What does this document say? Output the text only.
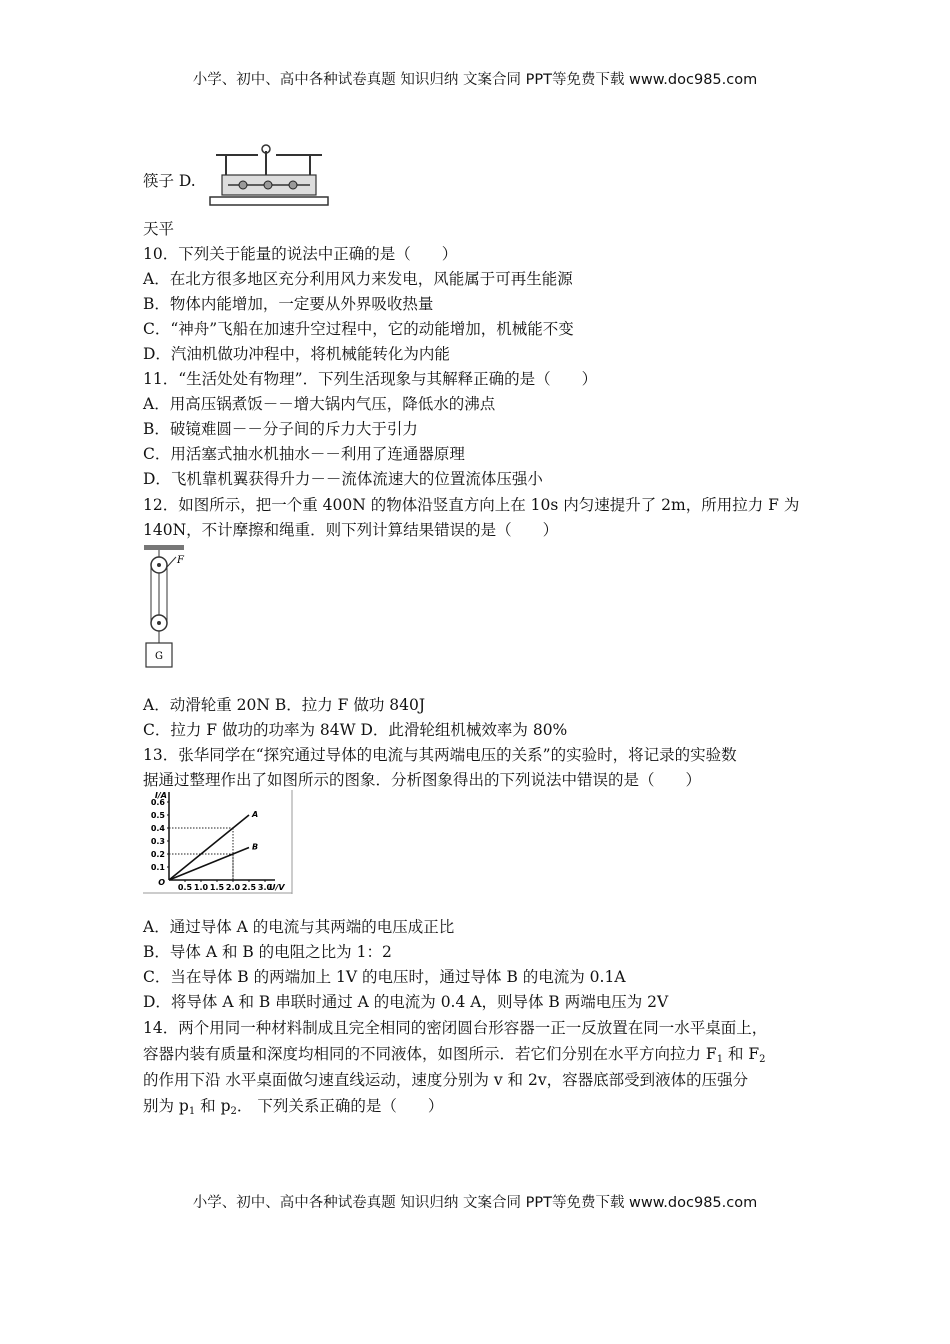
小学、初中、高中各种试卷真题 知识归纳 文案合同 PPT等免费下载 www.doc985.com
筷子 D.
天平
10．下列关于能量的说法中正确的是（　　）
A．在北方很多地区充分利用风力来发电，风能属于可再生能源
B．物体内能增加，一定要从外界吸收热量
C．“神舟”飞船在加速升空过程中，它的动能增加，机械能不变
D．汽油机做功冲程中，将机械能转化为内能
11．“生活处处有物理”．下列生活现象与其解释正确的是（　　）
A．用高压锅煮饭－－增大锅内气压，降低水的沸点
B．破镜难圆－－分子间的斥力大于引力
C．用活塞式抽水机抽水－－利用了连通器原理
D．飞机靠机翼获得升力－－流体流速大的位置流体压强小
12．如图所示，把一个重 400N 的物体沿竖直方向上在 10s 内匀速提升了 2m，所用拉力 F 为
140N，不计摩擦和绳重．则下列计算结果错误的是（　　）
F
G
A．动滑轮重 20N B．拉力 F 做功 840J
C．拉力 F 做功的功率为 84W D．此滑轮组机械效率为 80%
13．张华同学在“探究通过导体的电流与其两端电压的关系”的实验时，将记录的实验数
据通过整理作出了如图所示的图象．分析图象得出的下列说法中错误的是（　　）
0.1
0.2
0.3
0.4
0.5
0.6
0.5 1.0 1.5 2.0 2.5 3.0
I/A
U/V
O
A
B
A．通过导体 A 的电流与其两端的电压成正比
B．导体 A 和 B 的电阻之比为 1：2
C．当在导体 B 的两端加上 1V 的电压时，通过导体 B 的电流为 0.1A
D．将导体 A 和 B 串联时通过 A 的电流为 0.4 A，则导体 B 两端电压为 2V
14．两个用同一种材料制成且完全相同的密闭圆台形容器一正一反放置在同一水平桌面上，
容器内装有质量和深度均相同的不同液体，如图所示．若它们分别在水平方向拉力 $F_1$ 和 $F_2$
的作用下沿 水平桌面做匀速直线运动，速度分别为 v 和 2v，容器底部受到液体的压强分
别为 $p_1$ 和 $p_2$． 下列关系正确的是（　　）
小学、初中、高中各种试卷真题 知识归纳 文案合同 PPT等免费下载 www.doc985.com
